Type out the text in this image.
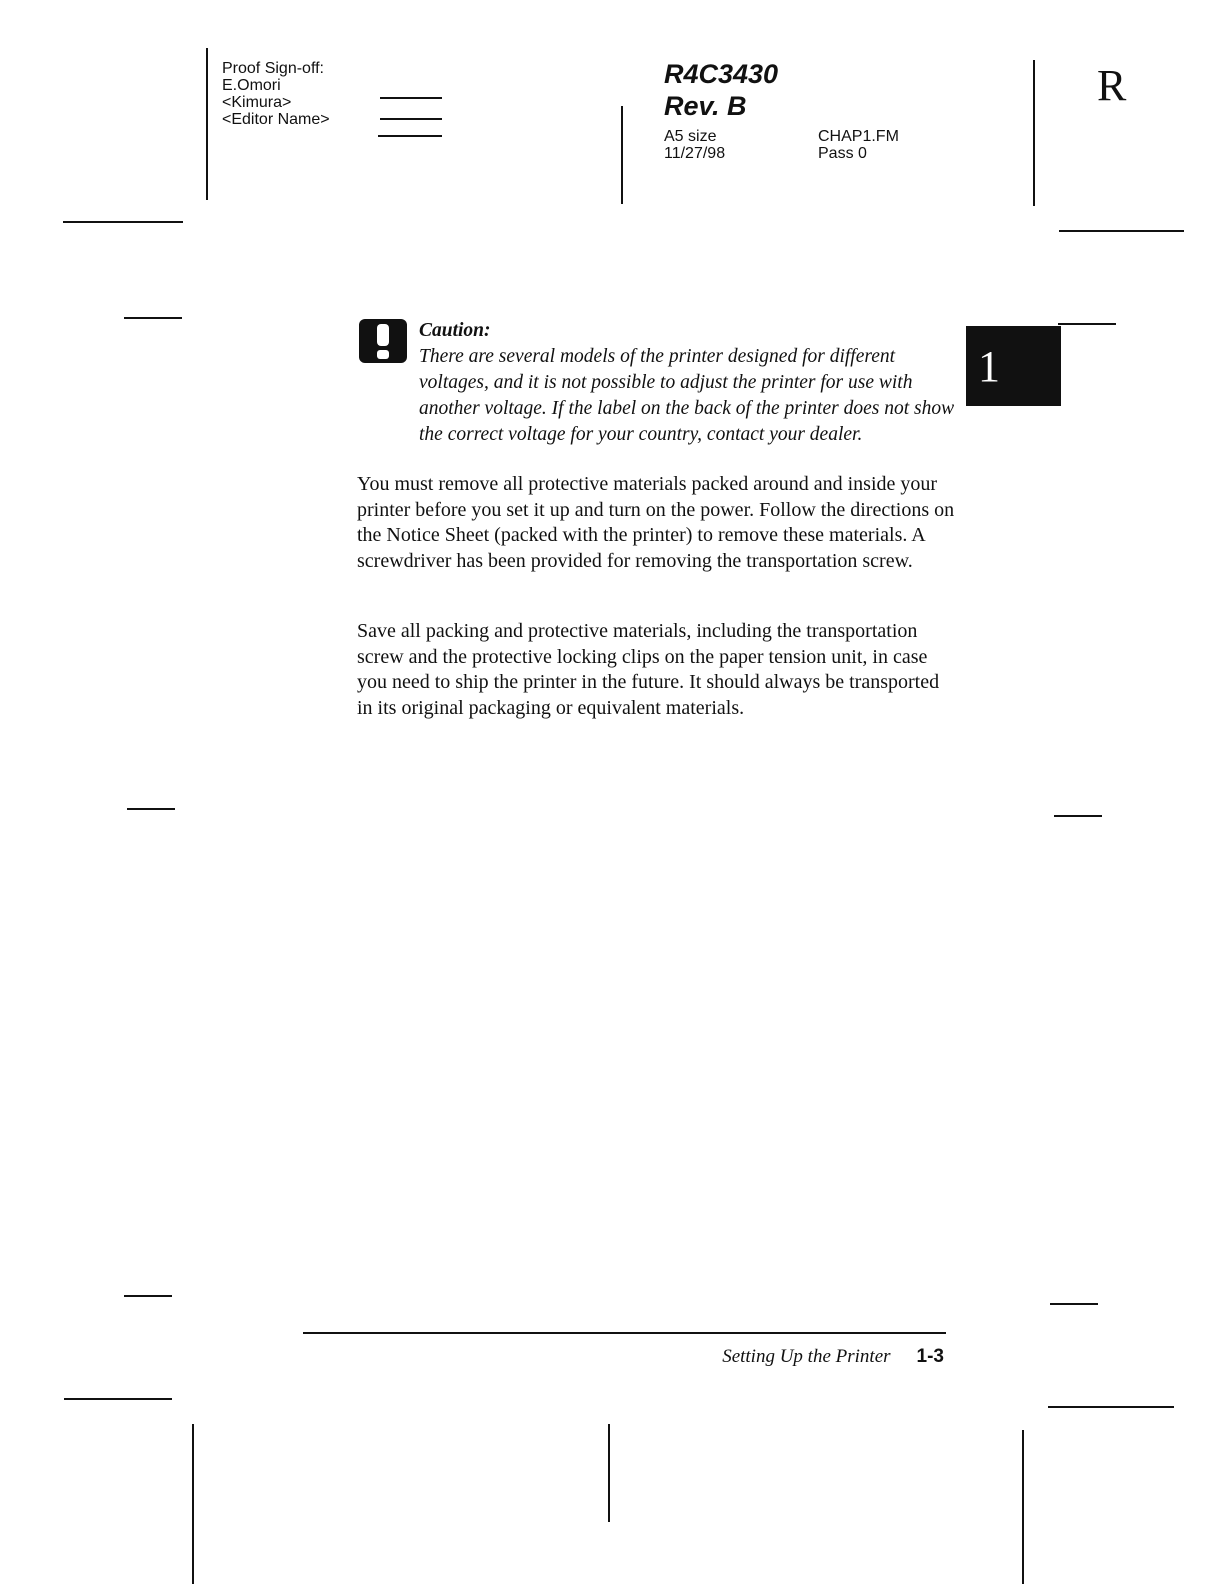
Proof Sign-off:
E.Omori
<Kimura>
<Editor Name>
R4C3430
Rev. B
A5 size
11/27/98
CHAP1.FM
Pass 0
R
1
Caution:
There are several models of the printer designed for different voltages, and it is not possible to adjust the printer for use with another voltage. If the label on the back of the printer does not show the correct voltage for your country, contact your dealer.
You must remove all protective materials packed around and inside your printer before you set it up and turn on the power. Follow the directions on the Notice Sheet (packed with the printer) to remove these materials. A screwdriver has been provided for removing the transportation screw.
Save all packing and protective materials, including the transportation screw and the protective locking clips on the paper tension unit, in case you need to ship the printer in the future. It should always be transported in its original packaging or equivalent materials.
Setting Up the Printer 1-3
